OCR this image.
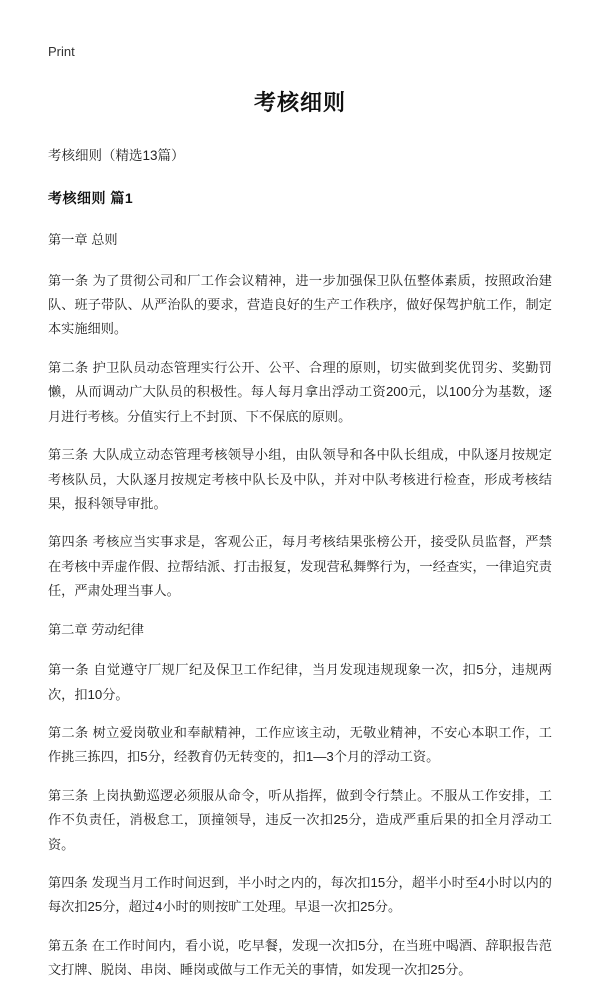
Print
考核细则

考核细则（精选13篇）

考核细则 篇1

第一章 总则

第一条 为了贯彻公司和厂工作会议精神，进一步加强保卫队伍整体素质，按照政治建队、班子带队、从严治队的要求，营造良好的生产工作秩序，做好保驾护航工作，制定本实施细则。

第二条 护卫队员动态管理实行公开、公平、合理的原则，切实做到奖优罚劣、奖勤罚懒，从而调动广大队员的积极性。每人每月拿出浮动工资200元，以100分为基数，逐月进行考核。分值实行上不封顶、下不保底的原则。

第三条 大队成立动态管理考核领导小组，由队领导和各中队长组成，中队逐月按规定考核队员，大队逐月按规定考核中队长及中队，并对中队考核进行检查，形成考核结果，报科领导审批。

第四条 考核应当实事求是，客观公正，每月考核结果张榜公开，接受队员监督，严禁在考核中弄虚作假、拉帮结派、打击报复，发现营私舞弊行为，一经查实，一律追究责任，严肃处理当事人。

第二章 劳动纪律

第一条 自觉遵守厂规厂纪及保卫工作纪律，当月发现违规现象一次，扣5分，违规两次，扣10分。

第二条 树立爱岗敬业和奉献精神，工作应该主动，无敬业精神，不安心本职工作，工作挑三拣四，扣5分，经教育仍无转变的，扣1—3个月的浮动工资。

第三条 上岗执勤巡逻必须服从命令，听从指挥，做到令行禁止。不服从工作安排，工作不负责任，消极怠工，顶撞领导，违反一次扣25分，造成严重后果的扣全月浮动工资。

第四条 发现当月工作时间迟到，半小时之内的，每次扣15分，超半小时至4小时以内的每次扣25分，超过4小时的则按旷工处理。早退一次扣25分。

第五条 在工作时间内，看小说，吃早餐，发现一次扣5分，在当班中喝酒、辞职报告范文打牌、脱岗、串岗、睡岗或做与工作无关的事情，如发现一次扣25分。
